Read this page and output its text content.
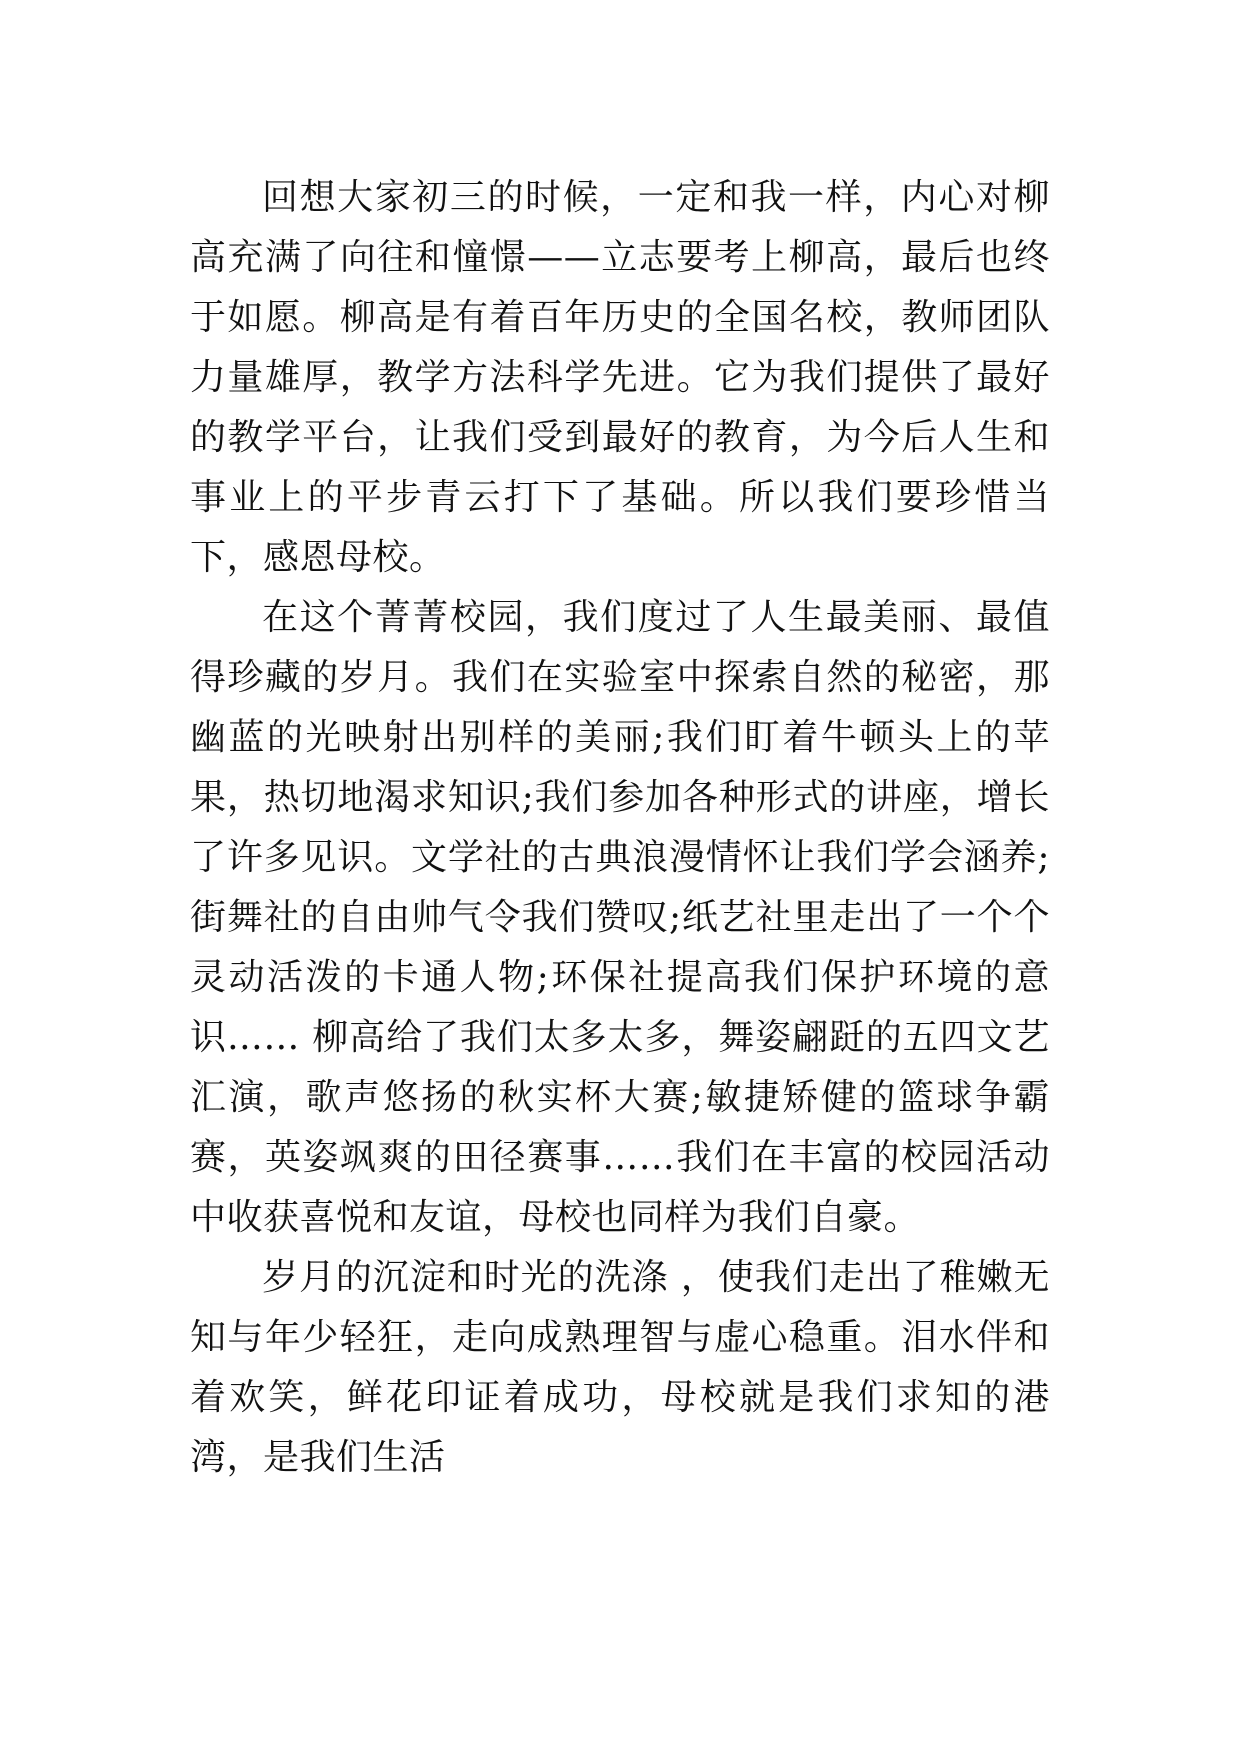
回想大家初三的时候，一定和我一样，内心对柳高充满了向往和憧憬——立志要考上柳高，最后也终于如愿。柳高是有着百年历史的全国名校，教师团队力量雄厚，教学方法科学先进。它为我们提供了最好的教学平台，让我们受到最好的教育，为今后人生和事业上的平步青云打下了基础。所以我们要珍惜当下，感恩母校。

在这个菁菁校园，我们度过了人生最美丽、最值得珍藏的岁月。我们在实验室中探索自然的秘密，那幽蓝的光映射出别样的美丽;我们盯着牛顿头上的苹果，热切地渴求知识;我们参加各种形式的讲座，增长了许多见识。文学社的古典浪漫情怀让我们学会涵养;街舞社的自由帅气令我们赞叹;纸艺社里走出了一个个灵动活泼的卡通人物;环保社提高我们保护环境的意识…… 柳高给了我们太多太多，舞姿翩跹的五四文艺汇演，歌声悠扬的秋实杯大赛;敏捷矫健的篮球争霸赛，英姿飒爽的田径赛事……我们在丰富的校园活动中收获喜悦和友谊，母校也同样为我们自豪。

岁月的沉淀和时光的洗涤 ，使我们走出了稚嫩无知与年少轻狂，走向成熟理智与虚心稳重。泪水伴和着欢笑，鲜花印证着成功，母校就是我们求知的港湾，是我们生活
